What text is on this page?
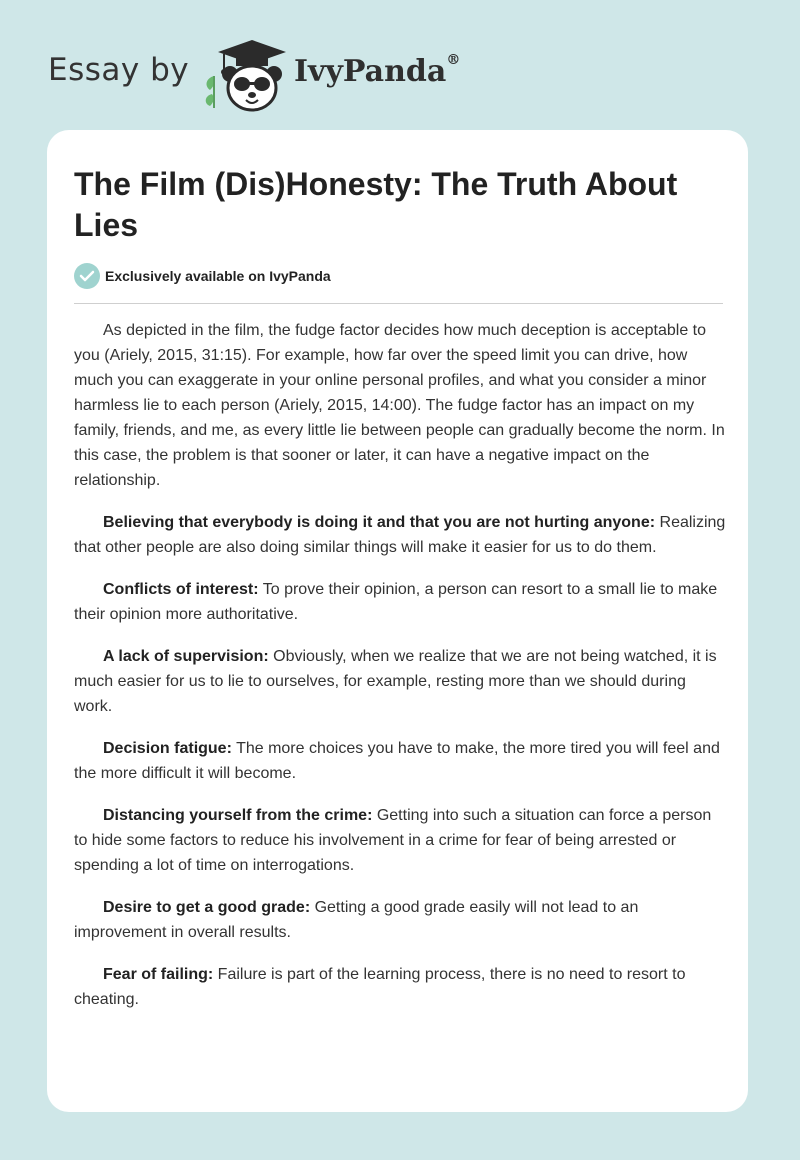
Essay by	IvyPanda®
The Film (Dis)Honesty: The Truth About Lies
Exclusively available on IvyPanda

As depicted in the film, the fudge factor decides how much deception is acceptable to you (Ariely, 2015, 31:15). For example, how far over the speed limit you can drive, how much you can exaggerate in your online personal profiles, and what you consider a minor harmless lie to each person (Ariely, 2015, 14:00). The fudge factor has an impact on my family, friends, and me, as every little lie between people can gradually become the norm. In this case, the problem is that sooner or later, it can have a negative impact on the relationship.

Believing that everybody is doing it and that you are not hurting anyone: Realizing that other people are also doing similar things will make it easier for us to do them.

Conflicts of interest: To prove their opinion, a person can resort to a small lie to make their opinion more authoritative.

A lack of supervision: Obviously, when we realize that we are not being watched, it is much easier for us to lie to ourselves, for example, resting more than we should during work.

Decision fatigue: The more choices you have to make, the more tired you will feel and the more difficult it will become.

Distancing yourself from the crime: Getting into such a situation can force a person to hide some factors to reduce his involvement in a crime for fear of being arrested or spending a lot of time on interrogations.

Desire to get a good grade: Getting a good grade easily will not lead to an improvement in overall results.

Fear of failing: Failure is part of the learning process, there is no need to resort to cheating.
